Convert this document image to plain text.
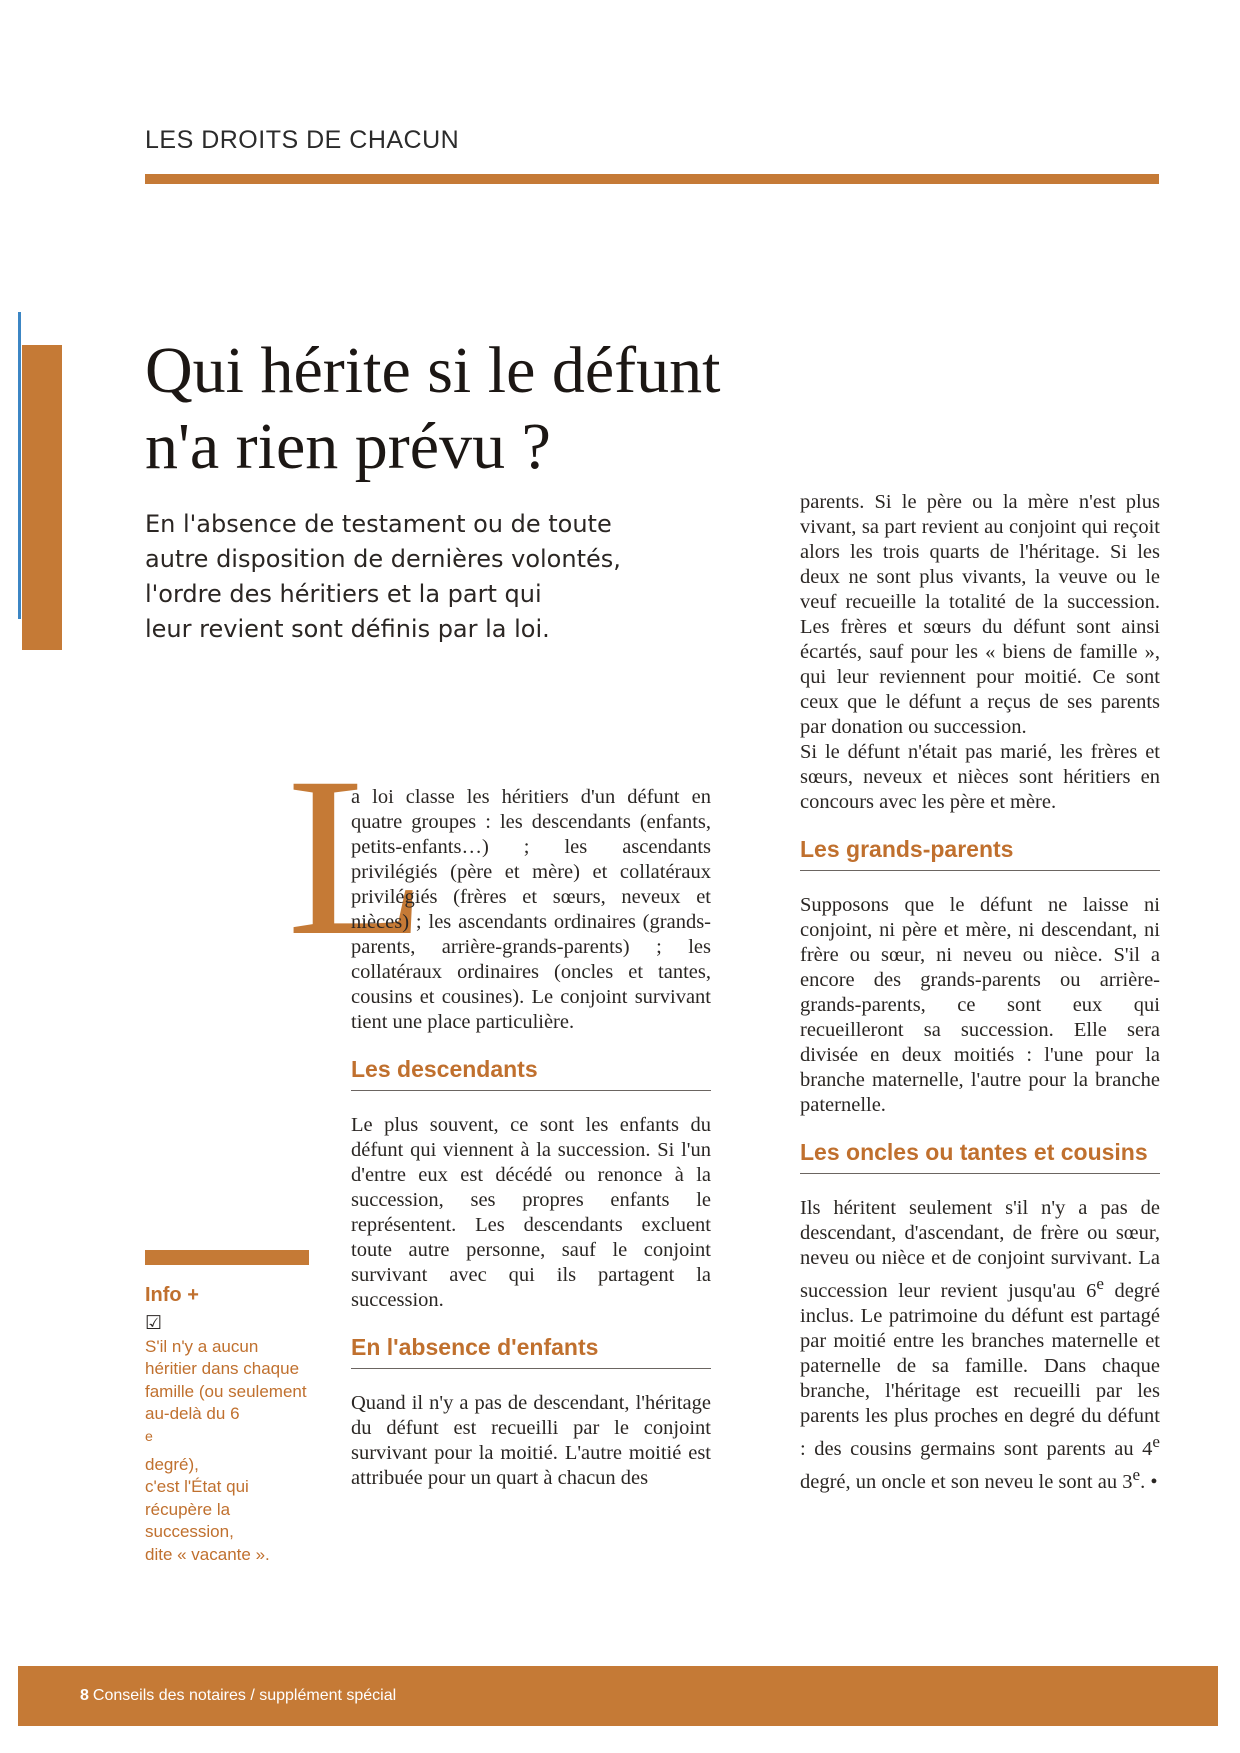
LES DROITS DE CHACUN
Qui hérite si le défunt
n'a rien prévu ?
En l'absence de testament ou de toute
autre disposition de dernières volontés,
l'ordre des héritiers et la part qui
leur revient sont définis par la loi.
L

a loi classe les héritiers d'un défunt en quatre groupes : les descendants (enfants, petits-enfants…) ; les ascendants privilégiés (père et mère) et collatéraux privilégiés (frères et sœurs, neveux et nièces) ; les ascendants ordinaires (grands-parents, arrière-grands-parents) ; les collatéraux ordinaires (oncles et tantes, cousins et cousines). Le conjoint survivant tient une place particulière.

Les descendants

Le plus souvent, ce sont les enfants du défunt qui viennent à la succession. Si l'un d'entre eux est décédé ou renonce à la succession, ses propres enfants le représentent. Les descendants excluent toute autre personne, sauf le conjoint survivant avec qui ils partagent la succession.

En l'absence d'enfants

Quand il n'y a pas de descendant, l'héritage du défunt est recueilli par le conjoint survivant pour la moitié. L'autre moitié est attribuée pour un quart à chacun des

parents. Si le père ou la mère n'est plus vivant, sa part revient au conjoint qui reçoit alors les trois quarts de l'héritage. Si les deux ne sont plus vivants, la veuve ou le veuf recueille la totalité de la succession. Les frères et sœurs du défunt sont ainsi écartés, sauf pour les « biens de famille », qui leur reviennent pour moitié. Ce sont ceux que le défunt a reçus de ses parents par donation ou succession.

Si le défunt n'était pas marié, les frères et sœurs, neveux et nièces sont héritiers en concours avec les père et mère.

Les grands-parents

Supposons que le défunt ne laisse ni conjoint, ni père et mère, ni descendant, ni frère ou sœur, ni neveu ou nièce. S'il a encore des grands-parents ou arrière-grands-parents, ce sont eux qui recueilleront sa succession. Elle sera divisée en deux moitiés : l'une pour la branche maternelle, l'autre pour la branche paternelle.

Les oncles ou tantes et cousins

Ils héritent seulement s'il n'y a pas de descendant, d'ascendant, de frère ou sœur, neveu ou nièce et de conjoint survivant. La succession leur revient jusqu'au 6e degré inclus. Le patrimoine du défunt est partagé par moitié entre les branches maternelle et paternelle de sa famille. Dans chaque branche, l'héritage est recueilli par les parents les plus proches en degré du défunt : des cousins germains sont parents au 4e degré, un oncle et son neveu le sont au 3e. •

Info +
☑
S'il n'y a aucun
héritier dans chaque
famille (ou seulement
au-delà du 6
$^e$
degré),
c'est l'État qui
récupère la
succession,
dite « vacante ».
8 Conseils des notaires / supplément spécial
